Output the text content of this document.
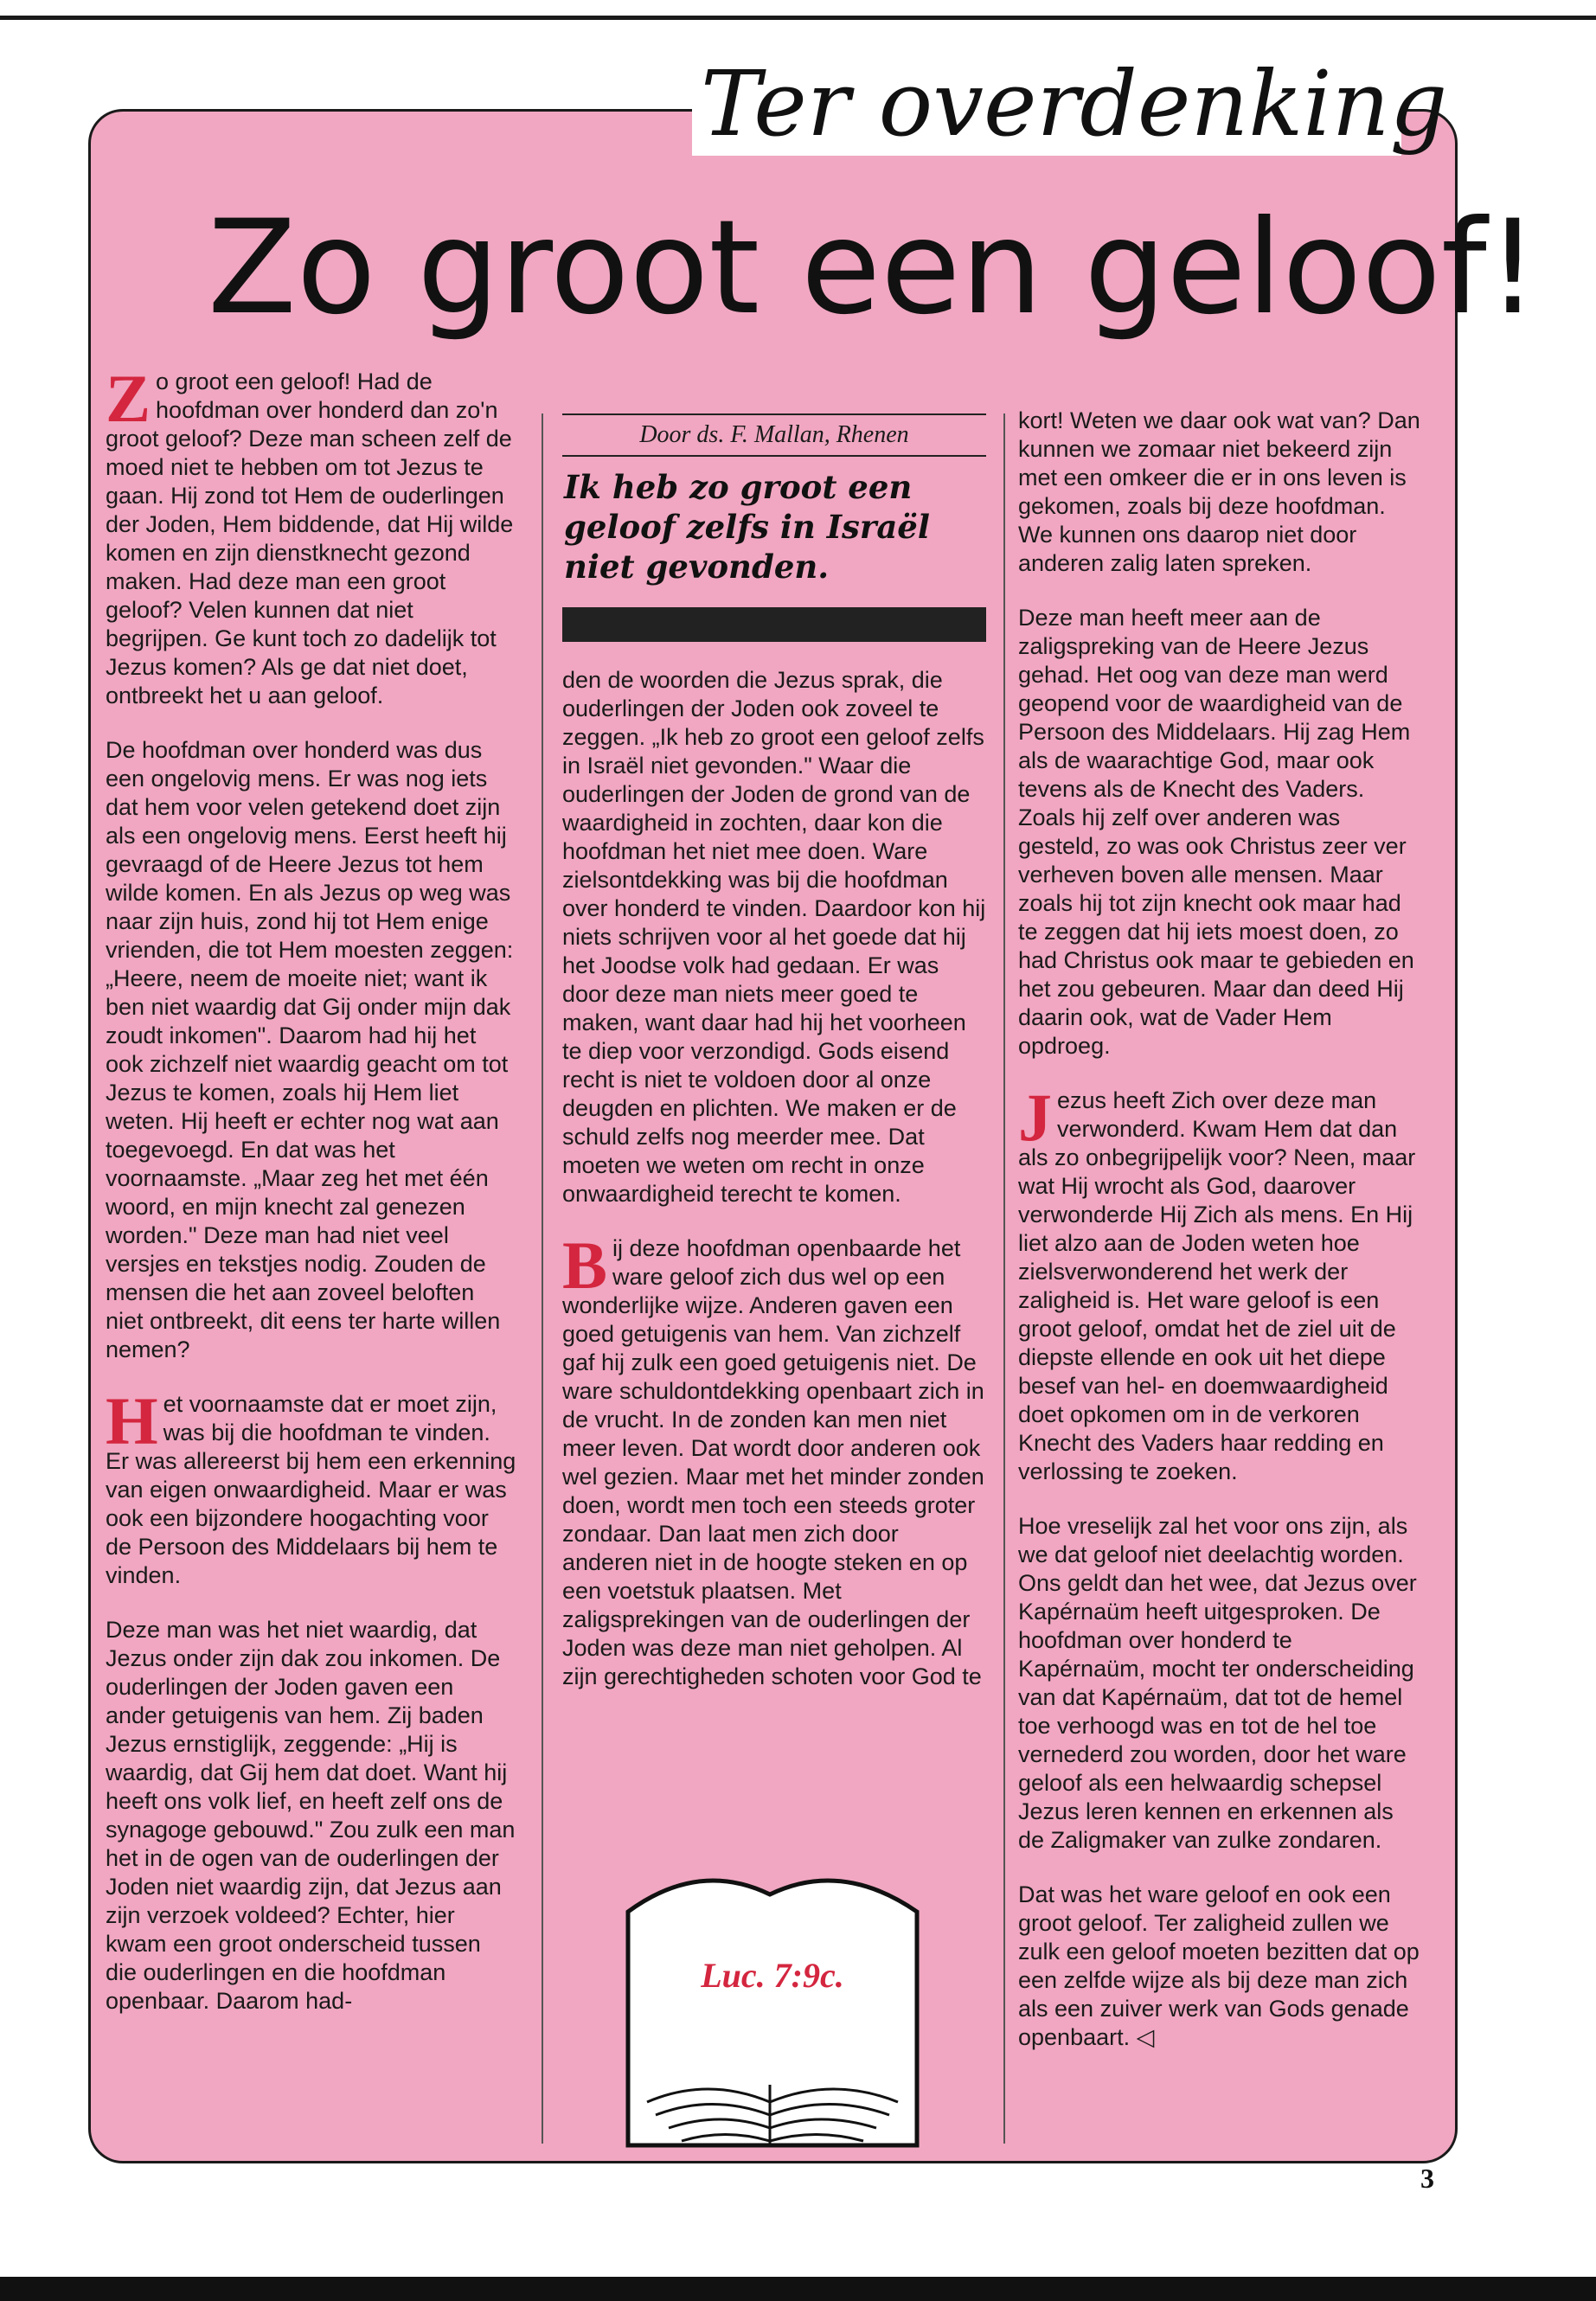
Ter overdenking
Zo groot een geloof!

Zo groot een geloof! Had de hoofdman over honderd dan zo'n groot geloof? Deze man scheen zelf de moed niet te hebben om tot Jezus te gaan. Hij zond tot Hem de ouderlingen der Joden, Hem biddende, dat Hij wilde komen en zijn dienstknecht gezond maken. Had deze man een groot geloof? Velen kunnen dat niet begrijpen. Ge kunt toch zo dadelijk tot Jezus komen? Als ge dat niet doet, ontbreekt het u aan geloof.

De hoofdman over honderd was dus een ongelovig mens. Er was nog iets dat hem voor velen getekend doet zijn als een ongelovig mens. Eerst heeft hij gevraagd of de Heere Jezus tot hem wilde komen. En als Jezus op weg was naar zijn huis, zond hij tot Hem enige vrienden, die tot Hem moesten zeggen: „Heere, neem de moeite niet; want ik ben niet waardig dat Gij onder mijn dak zoudt inkomen". Daarom had hij het ook zichzelf niet waardig geacht om tot Jezus te komen, zoals hij Hem liet weten. Hij heeft er echter nog wat aan toegevoegd. En dat was het voornaamste. „Maar zeg het met één woord, en mijn knecht zal genezen worden." Deze man had niet veel versjes en tekstjes nodig. Zouden de mensen die het aan zoveel beloften niet ontbreekt, dit eens ter harte willen nemen?

Het voornaamste dat er moet zijn, was bij die hoofdman te vinden. Er was allereerst bij hem een erkenning van eigen onwaardigheid. Maar er was ook een bijzondere hoogachting voor de Persoon des Middelaars bij hem te vinden.

Deze man was het niet waardig, dat Jezus onder zijn dak zou inkomen. De ouderlingen der Joden gaven een ander getuigenis van hem. Zij baden Jezus ernstiglijk, zeggende: „Hij is waardig, dat Gij hem dat doet. Want hij heeft ons volk lief, en heeft zelf ons de synagoge gebouwd." Zou zulk een man het in de ogen van de ouderlingen der Joden niet waardig zijn, dat Jezus aan zijn verzoek voldeed? Echter, hier kwam een groot onderscheid tussen die ouderlingen en die hoofdman openbaar. Daarom had-

Door ds. F. Mallan, Rhenen
Ik heb zo groot een geloof zelfs in Israël niet gevonden.

den de woorden die Jezus sprak, die ouderlingen der Joden ook zoveel te zeggen. „Ik heb zo groot een geloof zelfs in Israël niet gevonden." Waar die ouderlingen der Joden de grond van de waardigheid in zochten, daar kon die hoofdman het niet mee doen. Ware zielsontdekking was bij die hoofdman over honderd te vinden. Daardoor kon hij niets schrijven voor al het goede dat hij het Joodse volk had gedaan. Er was door deze man niets meer goed te maken, want daar had hij het voorheen te diep voor verzondigd. Gods eisend recht is niet te voldoen door al onze deugden en plichten. We maken er de schuld zelfs nog meerder mee. Dat moeten we weten om recht in onze onwaardigheid terecht te komen.

Bij deze hoofdman openbaarde het ware geloof zich dus wel op een wonderlijke wijze. Anderen gaven een goed getuigenis van hem. Van zichzelf gaf hij zulk een goed getuigenis niet. De ware schuldontdekking openbaart zich in de vrucht. In de zonden kan men niet meer leven. Dat wordt door anderen ook wel gezien. Maar met het minder zonden doen, wordt men toch een steeds groter zondaar. Dan laat men zich door anderen niet in de hoogte steken en op een voetstuk plaatsen. Met zaligsprekingen van de ouderlingen der Joden was deze man niet geholpen. Al zijn gerechtigheden schoten voor God te

Luc. 7:9c.

kort! Weten we daar ook wat van? Dan kunnen we zomaar niet bekeerd zijn met een omkeer die er in ons leven is gekomen, zoals bij deze hoofdman. We kunnen ons daarop niet door anderen zalig laten spreken.

Deze man heeft meer aan de zaligspreking van de Heere Jezus gehad. Het oog van deze man werd geopend voor de waardigheid van de Persoon des Middelaars. Hij zag Hem als de waarachtige God, maar ook tevens als de Knecht des Vaders. Zoals hij zelf over anderen was gesteld, zo was ook Christus zeer ver verheven boven alle mensen. Maar zoals hij tot zijn knecht ook maar had te zeggen dat hij iets moest doen, zo had Christus ook maar te gebieden en het zou gebeuren. Maar dan deed Hij daarin ook, wat de Vader Hem opdroeg.

Jezus heeft Zich over deze man verwonderd. Kwam Hem dat dan als zo onbegrijpelijk voor? Neen, maar wat Hij wrocht als God, daarover verwonderde Hij Zich als mens. En Hij liet alzo aan de Joden weten hoe zielsverwonderend het werk der zaligheid is. Het ware geloof is een groot geloof, omdat het de ziel uit de diepste ellende en ook uit het diepe besef van hel- en doemwaardigheid doet opkomen om in de verkoren Knecht des Vaders haar redding en verlossing te zoeken.

Hoe vreselijk zal het voor ons zijn, als we dat geloof niet deelachtig worden. Ons geldt dan het wee, dat Jezus over Kapérnaüm heeft uitgesproken. De hoofdman over honderd te Kapérnaüm, mocht ter onderscheiding van dat Kapérnaüm, dat tot de hemel toe verhoogd was en tot de hel toe vernederd zou worden, door het ware geloof als een helwaardig schepsel Jezus leren kennen en erkennen als de Zaligmaker van zulke zondaren.

Dat was het ware geloof en ook een groot geloof. Ter zaligheid zullen we zulk een geloof moeten bezitten dat op een zelfde wijze als bij deze man zich als een zuiver werk van Gods genade openbaart. ◁

3
